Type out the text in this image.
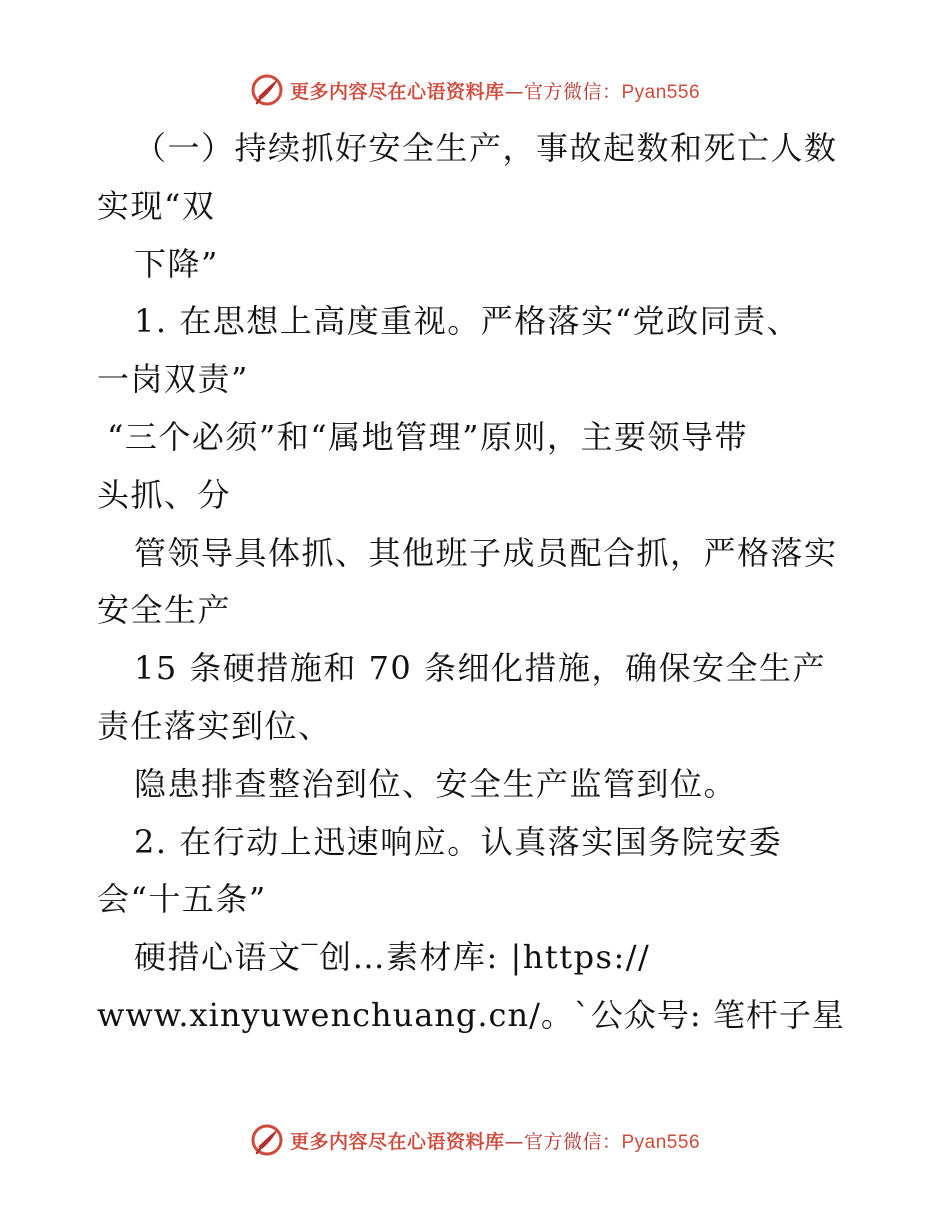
更多内容尽在心语资料库—官方微信：Pyan556
（一）持续抓好安全生产，事故起数和死亡人数
实现“双
下降”
1. 在思想上高度重视。严格落实“党政同责、
一岗双责”
“三个必须”和“属地管理”原则，主要领导带
头抓、分
管领导具体抓、其他班子成员配合抓，严格落实
安全生产
15 条硬措施和 70 条细化措施，确保安全生产
责任落实到位、
隐患排查整治到位、安全生产监管到位。
2. 在行动上迅速响应。认真落实国务院安委
会“十五条”
硬措心语文‾创…素材库: |https://
www.xinyuwenchuang.cn/。`公众号: 笔杆子星
更多内容尽在心语资料库—官方微信：Pyan556
